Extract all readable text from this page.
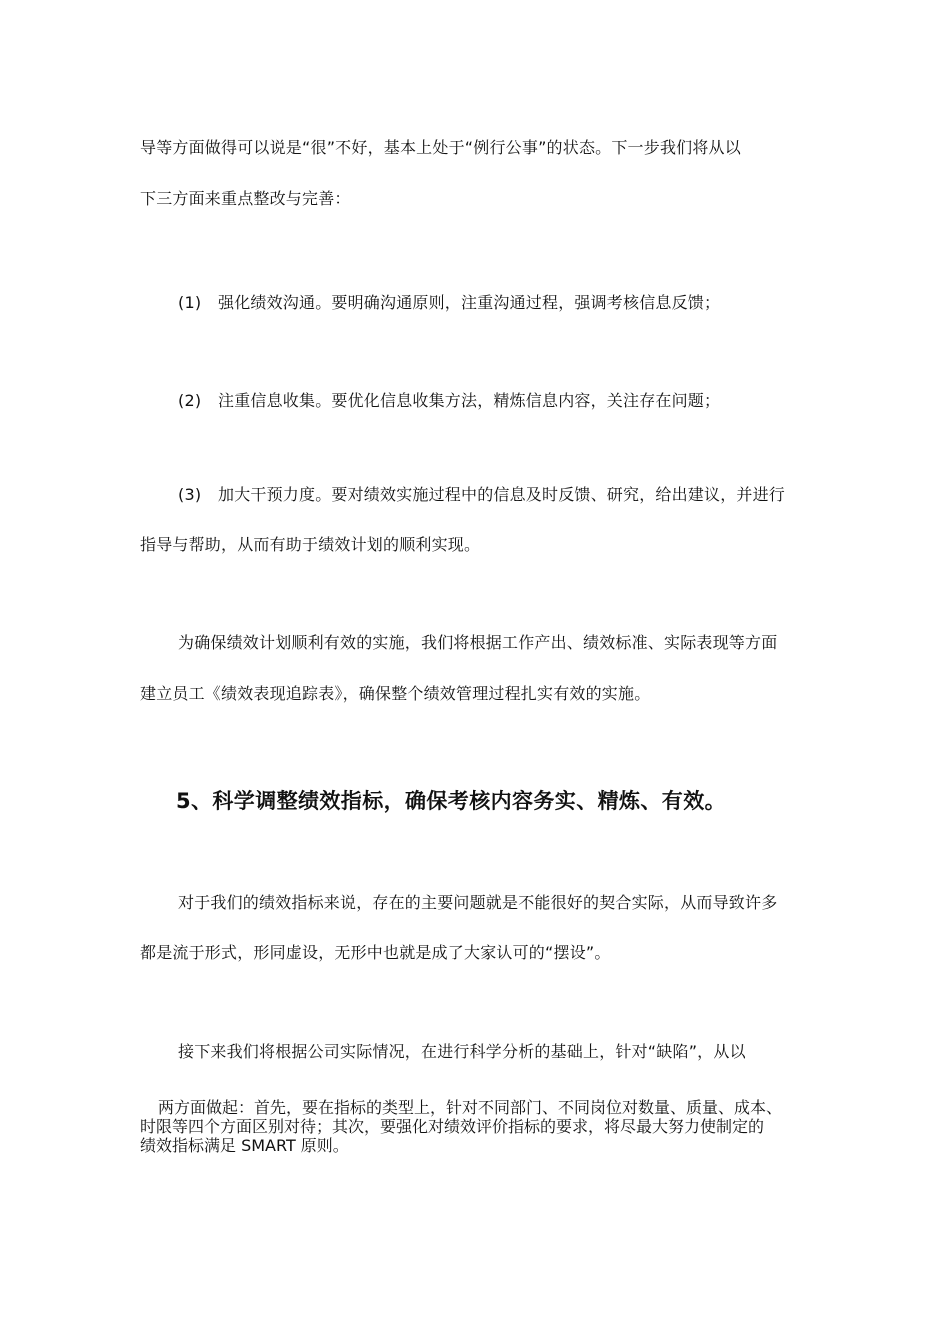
导等方面做得可以说是“很”不好，基本上处于“例行公事”的状态。下一步我们将从以
下三方面来重点整改与完善：
(1) 强化绩效沟通。要明确沟通原则，注重沟通过程，强调考核信息反馈；
(2) 注重信息收集。要优化信息收集方法，精炼信息内容，关注存在问题；
(3) 加大干预力度。要对绩效实施过程中的信息及时反馈、研究，给出建议，并进行
指导与帮助，从而有助于绩效计划的顺利实现。
为确保绩效计划顺利有效的实施，我们将根据工作产出、绩效标准、实际表现等方面
建立员工《绩效表现追踪表》，确保整个绩效管理过程扎实有效的实施。
5、科学调整绩效指标，确保考核内容务实、精炼、有效。
对于我们的绩效指标来说，存在的主要问题就是不能很好的契合实际，从而导致许多
都是流于形式，形同虚设，无形中也就是成了大家认可的“摆设”。
接下来我们将根据公司实际情况，在进行科学分析的基础上，针对“缺陷”，从以
两方面做起：首先，要在指标的类型上，针对不同部门、不同岗位对数量、质量、成本、
时限等四个方面区别对待；其次，要强化对绩效评价指标的要求，将尽最大努力使制定的
绩效指标满足 SMART 原则。
